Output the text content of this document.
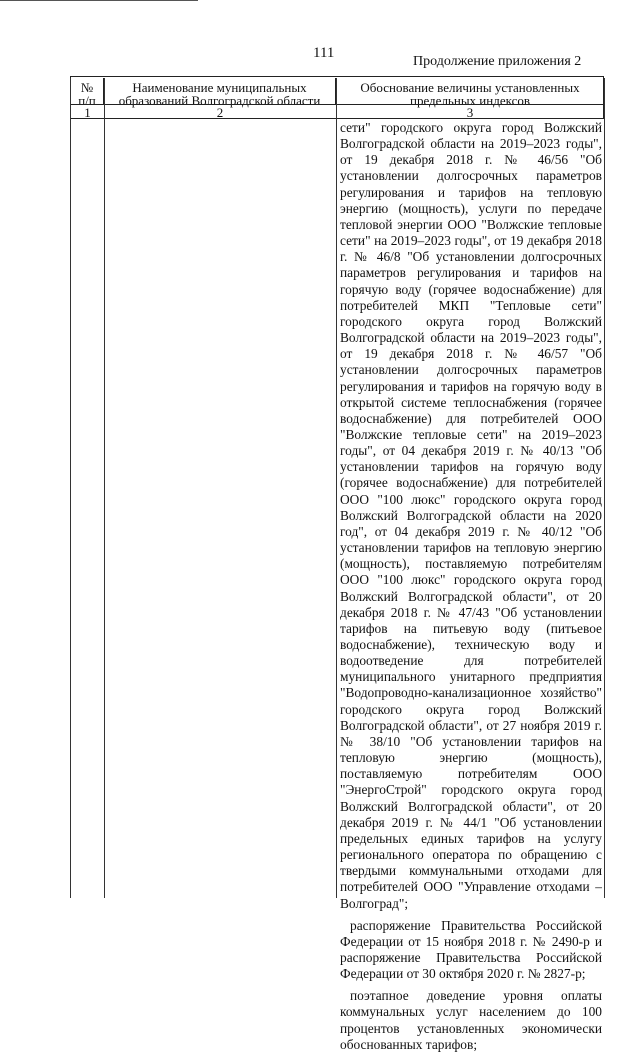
111
Продолжение приложения 2
№ п/п
Наименование муниципальных образований Волгоградской области
Обоснование величины установленных предельных индексов
1	2	3

сети" городского округа город Волжский Волгоградской области на 2019–2023 годы", от 19 декабря 2018 г. № 46/56 "Об установлении долгосрочных параметров регулирования и тарифов на тепловую энергию (мощность), услуги по передаче тепловой энергии ООО "Волжские тепловые сети" на 2019–2023 годы", от 19 декабря 2018 г. № 46/8 "Об установлении долгосрочных параметров регулирования и тарифов на горячую воду (горячее водоснабжение) для потребителей МКП "Тепловые сети" городского округа город Волжский Волгоградской области на 2019–2023 годы", от 19 декабря 2018 г. № 46/57 "Об установлении долгосрочных параметров регулирования и тарифов на горячую воду в открытой системе теплоснабжения (горячее водоснабжение) для потребителей ООО "Волжские тепловые сети" на 2019–2023 годы", от 04 декабря 2019 г. № 40/13 "Об установлении тарифов на горячую воду (горячее водоснабжение) для потребителей ООО "100 люкс" городского округа город Волжский Волгоградской области на 2020 год", от 04 декабря 2019 г. № 40/12 "Об установлении тарифов на тепловую энергию (мощность), поставляемую потребителям ООО "100 люкс" городского округа город Волжский Волгоградской области", от 20 декабря 2018 г. № 47/43 "Об установлении тарифов на питьевую воду (питьевое водоснабжение), техническую воду и водоотведение для потребителей муниципального унитарного предприятия "Водопроводно-канализационное хозяйство" городского округа город Волжский Волгоградской области", от 27 ноября 2019 г. № 38/10 "Об установлении тарифов на тепловую энергию (мощность), поставляемую потребителям ООО "ЭнергоСтрой" городского округа город Волжский Волгоградской области", от 20 декабря 2019 г. № 44/1 "Об установлении предельных единых тарифов на услугу регионального оператора по обращению с твердыми коммунальными отходами для потребителей ООО "Управление отходами – Волгоград";

распоряжение Правительства Российской Федерации от 15 ноября 2018 г. № 2490-р и распоряжение Правительства Российской Федерации от 30 октября 2020 г. № 2827-р;

поэтапное доведение уровня оплаты коммунальных услуг населением до 100 процентов установленных экономически обоснованных тарифов;
